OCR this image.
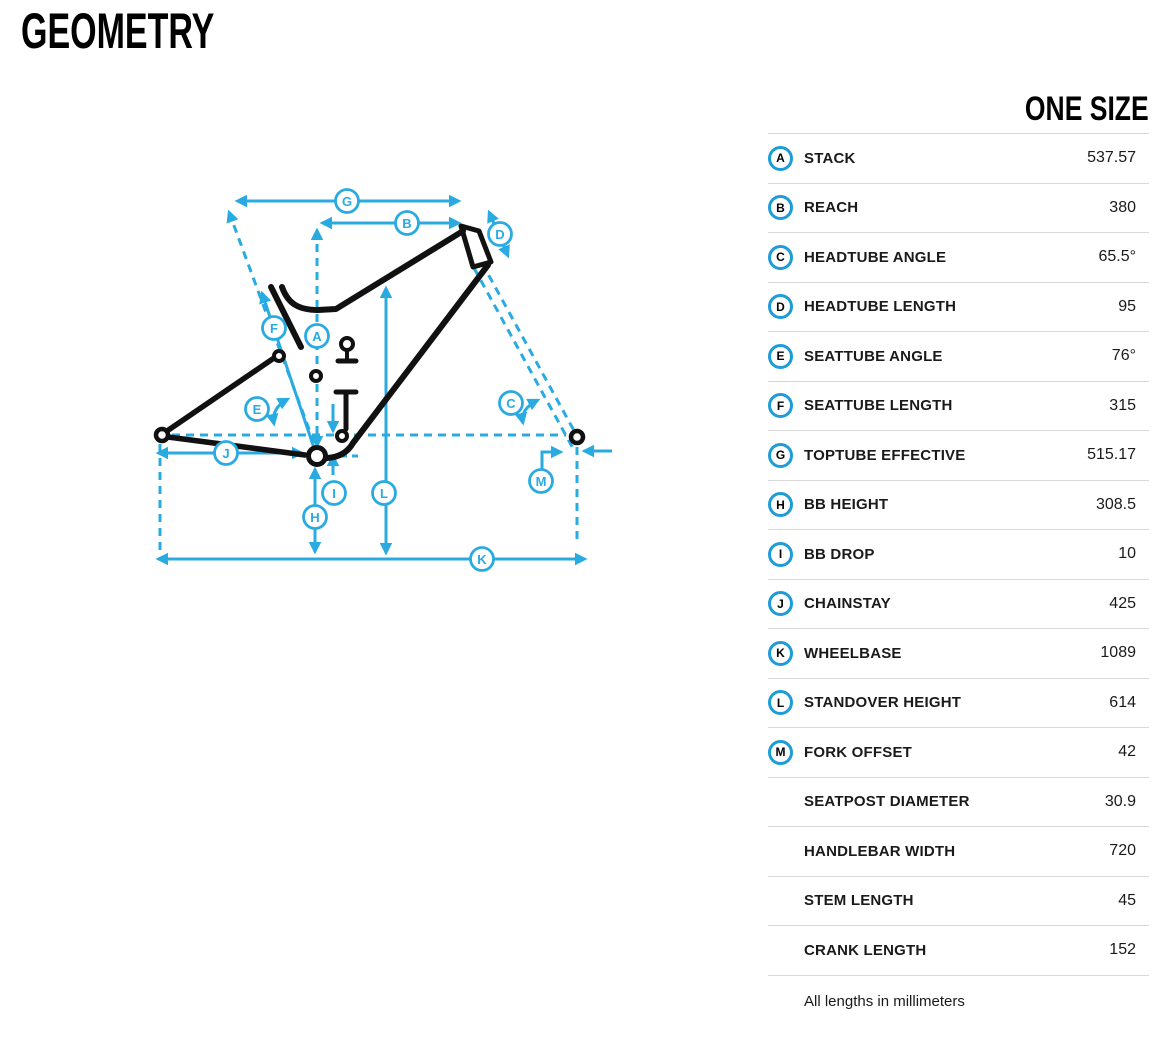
GEOMETRY
A
B
C
D
E
F
G
H
I
J
K
L
M
ONE SIZE
A	STACK	537.57
B	REACH	380
C	HEADTUBE ANGLE	65.5°
D	HEADTUBE LENGTH	95
E	SEATTUBE ANGLE	76°
F	SEATTUBE LENGTH	315
G	TOPTUBE EFFECTIVE	515.17
H	BB HEIGHT	308.5
I	BB DROP	10
J	CHAINSTAY	425
K	WHEELBASE	1089
L	STANDOVER HEIGHT	614
M	FORK OFFSET	42
SEATPOST DIAMETER	30.9
HANDLEBAR WIDTH	720
STEM LENGTH	45
CRANK LENGTH	152
All lengths in millimeters
